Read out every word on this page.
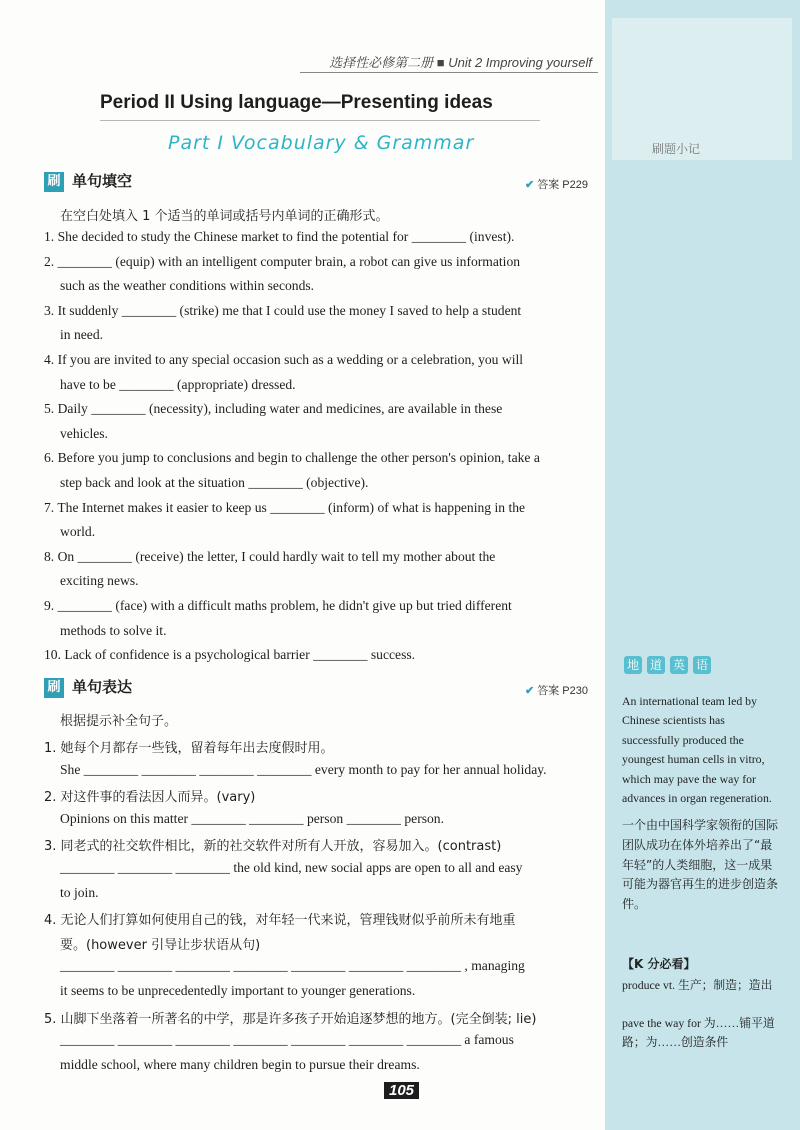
刷题小记
选择性必修第二册 ■ Unit 2 Improving yourself
Period II Using language—Presenting ideas
Part I Vocabulary & Grammar
刷 单句填空	✔ 答案 P229
在空白处填入 1 个适当的单词或括号内单词的正确形式。
1. She decided to study the Chinese market to find the potential for ________ (invest).
2. ________ (equip) with an intelligent computer brain, a robot can give us information
such as the weather conditions within seconds.
3. It suddenly ________ (strike) me that I could use the money I saved to help a student
in need.
4. If you are invited to any special occasion such as a wedding or a celebration, you will
have to be ________ (appropriate) dressed.
5. Daily ________ (necessity), including water and medicines, are available in these
vehicles.
6. Before you jump to conclusions and begin to challenge the other person's opinion, take a
step back and look at the situation ________ (objective).
7. The Internet makes it easier to keep us ________ (inform) of what is happening in the
world.
8. On ________ (receive) the letter, I could hardly wait to tell my mother about the
exciting news.
9. ________ (face) with a difficult maths problem, he didn't give up but tried different
methods to solve it.
10. Lack of confidence is a psychological barrier ________ success.
刷 单句表达	✔ 答案 P230
根据提示补全句子。
1. 她每个月都存一些钱，留着每年出去度假时用。
She ________ ________ ________ ________ every month to pay for her annual holiday.
2. 对这件事的看法因人而异。(vary)
Opinions on this matter ________ ________ person ________ person.
3. 同老式的社交软件相比，新的社交软件对所有人开放，容易加入。(contrast)
________ ________ ________ the old kind, new social apps are open to all and easy
to join.
4. 无论人们打算如何使用自己的钱，对年轻一代来说，管理钱财似乎前所未有地重
要。(however 引导让步状语从句)
________ ________ ________ ________ ________ ________ ________ , managing
it seems to be unprecedentedly important to younger generations.
5. 山脚下坐落着一所著名的中学，那是许多孩子开始追逐梦想的地方。(完全倒装; lie)
________ ________ ________ ________ ________ ________ ________ a famous
middle school, where many children begin to pursue their dreams.
地 道 英 语
An international team led by Chinese scientists has successfully produced the youngest human cells in vitro, which may pave the way for advances in organ regeneration.
一个由中国科学家领衔的国际团队成功在体外培养出了“最年轻”的人类细胞，这一成果可能为器官再生的进步创造条件。
【K 分必看】
produce vt. 生产；制造；造出
pave the way for 为……铺平道路；为……创造条件
105
